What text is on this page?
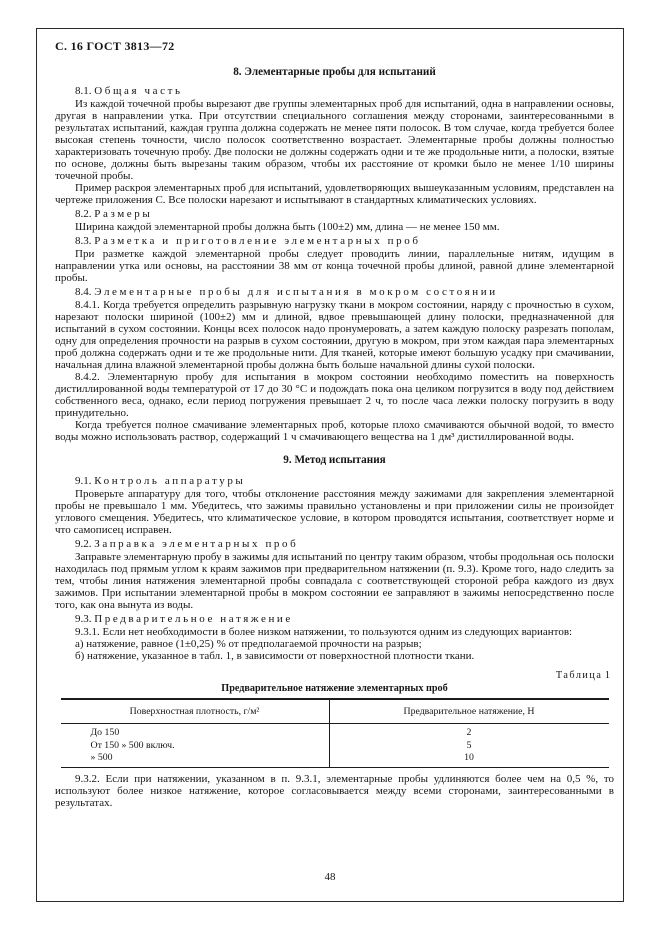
С. 16 ГОСТ 3813—72
8. Элементарные пробы для испытаний
8.1. Общая часть

Из каждой точечной пробы вырезают две группы элементарных проб для испытаний, одна в направлении основы, другая в направлении утка. При отсутствии специального соглашения между сторонами, заинтересованными в результатах испытаний, каждая группа должна содержать не менее пяти полосок. В том случае, когда требуется более высокая степень точности, число полосок соответственно возрастает. Элементарные пробы должны полностью характеризовать точечную пробу. Две полоски не должны содержать одни и те же продольные нити, а полоски, взятые по основе, должны быть вырезаны таким образом, чтобы их расстояние от кромки было не менее 1/10 ширины точечной пробы.

Пример раскроя элементарных проб для испытаний, удовлетворяющих вышеуказанным условиям, представлен на чертеже приложения С. Все полоски нарезают и испытывают в стандартных климатических условиях.

8.2. Размеры

Ширина каждой элементарной пробы должна быть (100±2) мм, длина — не менее 150 мм.

8.3. Разметка и приготовление элементарных проб

При разметке каждой элементарной пробы следует проводить линии, параллельные нитям, идущим в направлении утка или основы, на расстоянии 38 мм от конца точечной пробы длиной, равной длине элементарной пробы.

8.4. Элементарные пробы для испытания в мокром состоянии

8.4.1. Когда требуется определить разрывную нагрузку ткани в мокром состоянии, наряду с прочностью в сухом, нарезают полоски шириной (100±2) мм и длиной, вдвое превышающей длину полоски, предназначенной для испытаний в сухом состоянии. Концы всех полосок надо пронумеровать, а затем каждую полоску разрезать пополам, одну для определения прочности на разрыв в сухом состоянии, другую в мокром, при этом каждая пара элементарных проб должна содержать одни и те же продольные нити. Для тканей, которые имеют большую усадку при смачивании, начальная длина влажной элементарной пробы должна быть больше начальной длины сухой полоски.

8.4.2. Элементарную пробу для испытания в мокром состоянии необходимо поместить на поверхность дистиллированной воды температурой от 17 до 30 °С и подождать пока она целиком погрузится в воду под действием собственного веса, однако, если период погружения превышает 2 ч, то после часа лежки полоску погрузить в воду принудительно.

Когда требуется полное смачивание элементарных проб, которые плохо смачиваются обычной водой, то вместо воды можно использовать раствор, содержащий 1 ч смачивающего вещества на 1 дм³ дистиллированной воды.

9. Метод испытания
9.1. Контроль аппаратуры

Проверьте аппаратуру для того, чтобы отклонение расстояния между зажимами для закрепления элементарной пробы не превышало 1 мм. Убедитесь, что зажимы правильно установлены и при приложении силы не произойдет углового смещения. Убедитесь, что климатическое условие, в котором проводятся испытания, соответствует норме и что самописец исправен.

9.2. Заправка элементарных проб

Заправьте элементарную пробу в зажимы для испытаний по центру таким образом, чтобы продольная ось полоски находилась под прямым углом к краям зажимов при предварительном натяжении (п. 9.3). Кроме того, надо следить за тем, чтобы линия натяжения элементарной пробы совпадала с соответствующей стороной ребра каждого из двух зажимов. При испытании элементарной пробы в мокром состоянии ее заправляют в зажимы непосредственно после того, как она вынута из воды.

9.3. Предварительное натяжение

9.3.1. Если нет необходимости в более низком натяжении, то пользуются одним из следующих вариантов:

а) натяжение, равное (1±0,25) % от предполагаемой прочности на разрыв;

б) натяжение, указанное в табл. 1, в зависимости от поверхностной плотности ткани.

Таблица 1
Предварительное натяжение элементарных проб
Поверхностная плотность, г/м²	Предварительное натяжение, Н
До 150	2
От 150 » 500 включ.	5
» 500	10

9.3.2. Если при натяжении, указанном в п. 9.3.1, элементарные пробы удлиняются более чем на 0,5 %, то используют более низкое натяжение, которое согласовывается между всеми сторонами, заинтересованными в результатах.

48
